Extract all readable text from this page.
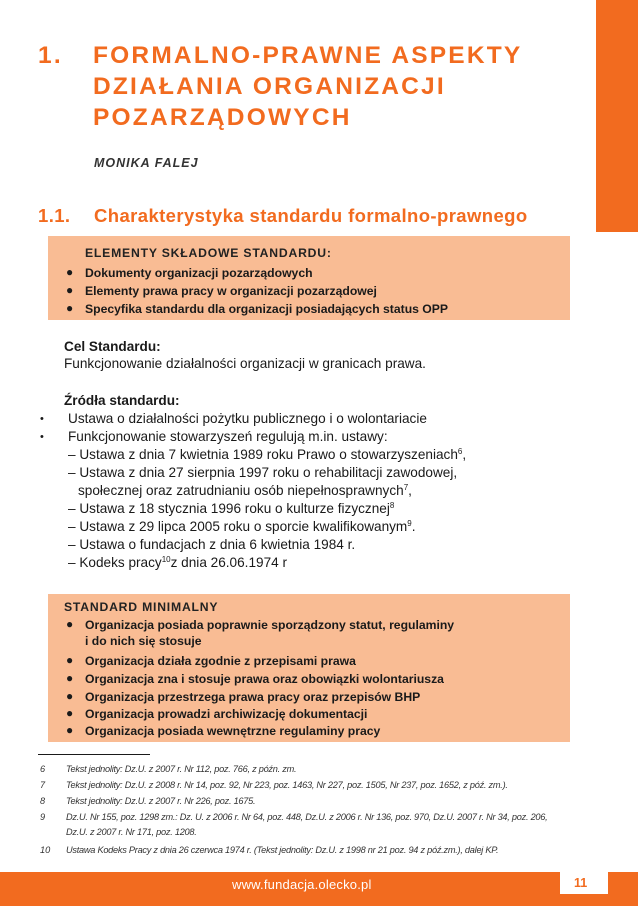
1. FORMALNO-PRAWNE ASPEKTY
DZIAŁANIA ORGANIZACJI
POZARZĄDOWYCH
MONIKA FALEJ
1.1. Charakterystyka standardu formalno-prawnego
ELEMENTY SKŁADOWE STANDARDU:
● Dokumenty organizacji pozarządowych
● Elementy prawa pracy w organizacji pozarządowej
● Specyfika standardu dla organizacji posiadających status OPP
Cel Standardu:
Funkcjonowanie działalności organizacji w granicach prawa.
Źródła standardu:
• Ustawa o działalności pożytku publicznego i o wolontariacie
• Funkcjonowanie stowarzyszeń regulują m.in. ustawy:
– Ustawa z dnia 7 kwietnia 1989 roku Prawo o stowarzyszeniach$^6$,
– Ustawa z dnia 27 sierpnia 1997 roku o rehabilitacji zawodowej,
społecznej oraz zatrudnianiu osób niepełnosprawnych$^7$,
– Ustawa z 18 stycznia 1996 roku o kulturze fizycznej$^8$
– Ustawa z 29 lipca 2005 roku o sporcie kwalifikowanym$^9$.
– Ustawa o fundacjach z dnia 6 kwietnia 1984 r.
– Kodeks pracy$^{10}$z dnia 26.06.1974 r
STANDARD MINIMALNY
● Organizacja posiada poprawnie sporządzony statut, regulaminy
i do nich się stosuje
● Organizacja działa zgodnie z przepisami prawa
● Organizacja zna i stosuje prawa oraz obowiązki wolontariusza
● Organizacja przestrzega prawa pracy oraz przepisów BHP
● Organizacja prowadzi archiwizację dokumentacji
● Organizacja posiada wewnętrzne regulaminy pracy
6 Tekst jednolity: Dz.U. z 2007 r. Nr 112, poz. 766, z późn. zm.
7 Tekst jednolity: Dz.U. z 2008 r. Nr 14, poz. 92, Nr 223, poz. 1463, Nr 227, poz. 1505, Nr 237, poz. 1652, z póź. zm.).
8 Tekst jednolity: Dz.U. z 2007 r. Nr 226, poz. 1675.
9 Dz.U. Nr 155, poz. 1298 zm.: Dz. U. z 2006 r. Nr 64, poz. 448, Dz.U. z 2006 r. Nr 136, poz. 970, Dz.U. 2007 r. Nr 34, poz. 206,
Dz.U. z 2007 r. Nr 171, poz. 1208.
10 Ustawa Kodeks Pracy z dnia 26 czerwca 1974 r. (Tekst jednolity: Dz.U. z 1998 nr 21 poz. 94 z póź.zm.), dalej KP.
www.fundacja.olecko.pl	11
